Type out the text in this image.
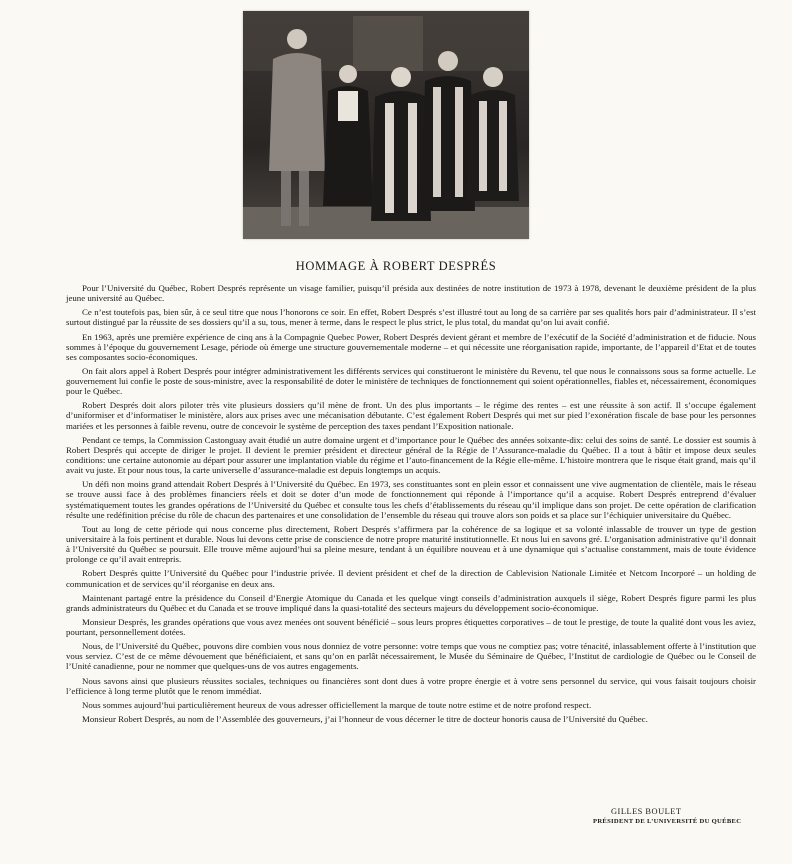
HOMMAGE À ROBERT DESPRÉS

Pour l’Université du Québec, Robert Després représente un visage familier, puisqu’il présida aux destinées de notre institution de 1973 à 1978, devenant le deuxième président de la plus jeune université au Québec.

Ce n’est toutefois pas, bien sûr, à ce seul titre que nous l’honorons ce soir. En effet, Robert Després s’est illustré tout au long de sa carrière par ses qualités hors pair d’administrateur. Il s’est surtout distingué par la réussite de ses dossiers qu’il a su, tous, mener à terme, dans le respect le plus strict, le plus total, du mandat qu’on lui avait confié.

En 1963, après une première expérience de cinq ans à la Compagnie Quebec Power, Robert Després devient gérant et membre de l’exécutif de la Société d’administration et de fiducie. Nous sommes à l’époque du gouvernement Lesage, période où émerge une structure gouvernementale moderne – et qui nécessite une réorganisation rapide, importante, de l’appareil d’Etat et de toutes ses composantes socio-économiques.

On fait alors appel à Robert Després pour intégrer administrativement les différents services qui constitueront le ministère du Revenu, tel que nous le connaissons sous sa forme actuelle. Le gouvernement lui confie le poste de sous-ministre, avec la responsabilité de doter le ministère de techniques de fonctionnement qui soient opérationnelles, fiables et, nécessairement, économiques pour le Québec.

Robert Després doit alors piloter très vite plusieurs dossiers qu’il mène de front. Un des plus importants – le régime des rentes – est une réussite à son actif. Il s’occupe également d’uniformiser et d’informatiser le ministère, alors aux prises avec une mécanisation débutante. C’est également Robert Després qui met sur pied l’exonération fiscale de base pour les personnes mariées et les personnes à faible revenu, outre de concevoir le système de perception des taxes pendant l’Exposition nationale.

Pendant ce temps, la Commission Castonguay avait étudié un autre domaine urgent et d’importance pour le Québec des années soixante-dix: celui des soins de santé. Le dossier est soumis à Robert Després qui accepte de diriger le projet. Il devient le premier président et directeur général de la Régie de l’Assurance-maladie du Québec. Il a tout à bâtir et impose deux seules conditions: une certaine autonomie au départ pour assurer une implantation viable du régime et l’auto-financement de la Régie elle-même. L’histoire montrera que le risque était grand, mais qu’il avait vu juste. Et pour nous tous, la carte universelle d’assurance-maladie est depuis longtemps un acquis.

Un défi non moins grand attendait Robert Després à l’Université du Québec. En 1973, ses constituantes sont en plein essor et connaissent une vive augmentation de clientèle, mais le réseau se trouve aussi face à des problèmes financiers réels et doit se doter d’un mode de fonctionnement qui réponde à l’importance qu’il a acquise. Robert Després entreprend d’évaluer systématiquement toutes les grandes opérations de l’Université du Québec et consulte tous les chefs d’établissements du réseau qu’il implique dans son projet. De cette opération de clarification résulte une redéfinition précise du rôle de chacun des partenaires et une consolidation de l’ensemble du réseau qui trouve alors son poids et sa place sur l’échiquier universitaire du Québec.

Tout au long de cette période qui nous concerne plus directement, Robert Després s’affirmera par la cohérence de sa logique et sa volonté inlassable de trouver un type de gestion universitaire à la fois pertinent et durable. Nous lui devons cette prise de conscience de notre propre maturité institutionnelle. Et nous lui en savons gré. L’organisation administrative qu’il donnait à l’Université du Québec se poursuit. Elle trouve même aujourd’hui sa pleine mesure, tendant à un équilibre nouveau et à une dynamique qui s’actualise constamment, mais de toute évidence prolonge ce qu’il avait entrepris.

Robert Després quitte l’Université du Québec pour l’industrie privée. Il devient président et chef de la direction de Cablevision Nationale Limitée et Netcom Incorporé – un holding de communication et de services qu’il réorganise en deux ans.

Maintenant partagé entre la présidence du Conseil d’Energie Atomique du Canada et les quelque vingt conseils d’administration auxquels il siège, Robert Després figure parmi les plus grands administrateurs du Québec et du Canada et se trouve impliqué dans la quasi-totalité des secteurs majeurs du développement socio-économique.

Monsieur Després, les grandes opérations que vous avez menées ont souvent bénéficié – sous leurs propres étiquettes corporatives – de tout le prestige, de toute la qualité dont vous les aviez, pourtant, personnellement dotées.

Nous, de l’Université du Québec, pouvons dire combien vous nous donniez de votre personne: votre temps que vous ne comptiez pas; votre ténacité, inlassablement offerte à l’institution que vous serviez. C’est de ce même dévouement que bénéficiaient, et sans qu’on en parlât nécessairement, le Musée du Séminaire de Québec, l’Institut de cardiologie de Québec ou le Conseil de l’Unité canadienne, pour ne nommer que quelques-uns de vos autres engagements.

Nous savons ainsi que plusieurs réussites sociales, techniques ou financières sont dont dues à votre propre énergie et à votre sens personnel du service, qui vous faisait toujours choisir l’efficience à long terme plutôt que le renom immédiat.

Nous sommes aujourd’hui particulièrement heureux de vous adresser officiellement la marque de toute notre estime et de notre profond respect.

Monsieur Robert Després, au nom de l’Assemblée des gouverneurs, j’ai l’honneur de vous décerner le titre de docteur honoris causa de l’Université du Québec.

GILLES BOULET
PRÉSIDENT DE L’UNIVERSITÉ DU QUÉBEC
